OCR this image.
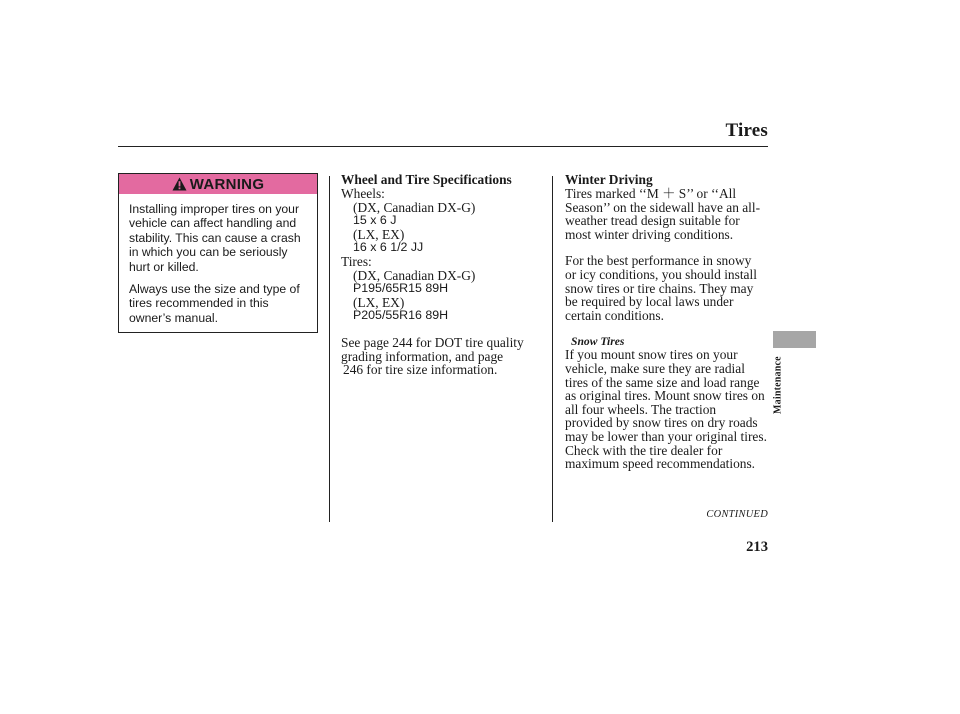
Tires
WARNING
Installing improper tires on your
vehicle can affect handling and
stability. This can cause a crash
in which you can be seriously
hurt or killed.
Always use the size and type of
tires recommended in this
owner’s manual.
Wheel and Tire Specifications
Wheels:
(DX, Canadian DX-G)
15 x 6 J
(LX, EX)
16 x 6 1/2 JJ
Tires:
(DX, Canadian DX-G)
P195/65R15 89H
(LX, EX)
P205/55R16 89H
See page 244 for DOT tire quality
grading information, and page
246 for tire size information.
Winter Driving
Tires marked ‘‘M ＋ S’’ or ‘‘All
Season’’ on the sidewall have an all-
weather tread design suitable for
most winter driving conditions.
For the best performance in snowy
or icy conditions, you should install
snow tires or tire chains. They may
be required by local laws under
certain conditions.
Snow Tires
If you mount snow tires on your
vehicle, make sure they are radial
tires of the same size and load range
as original tires. Mount snow tires on
all four wheels. The traction
provided by snow tires on dry roads
may be lower than your original tires.
Check with the tire dealer for
maximum speed recommendations.
Maintenance
CONTINUED
213
